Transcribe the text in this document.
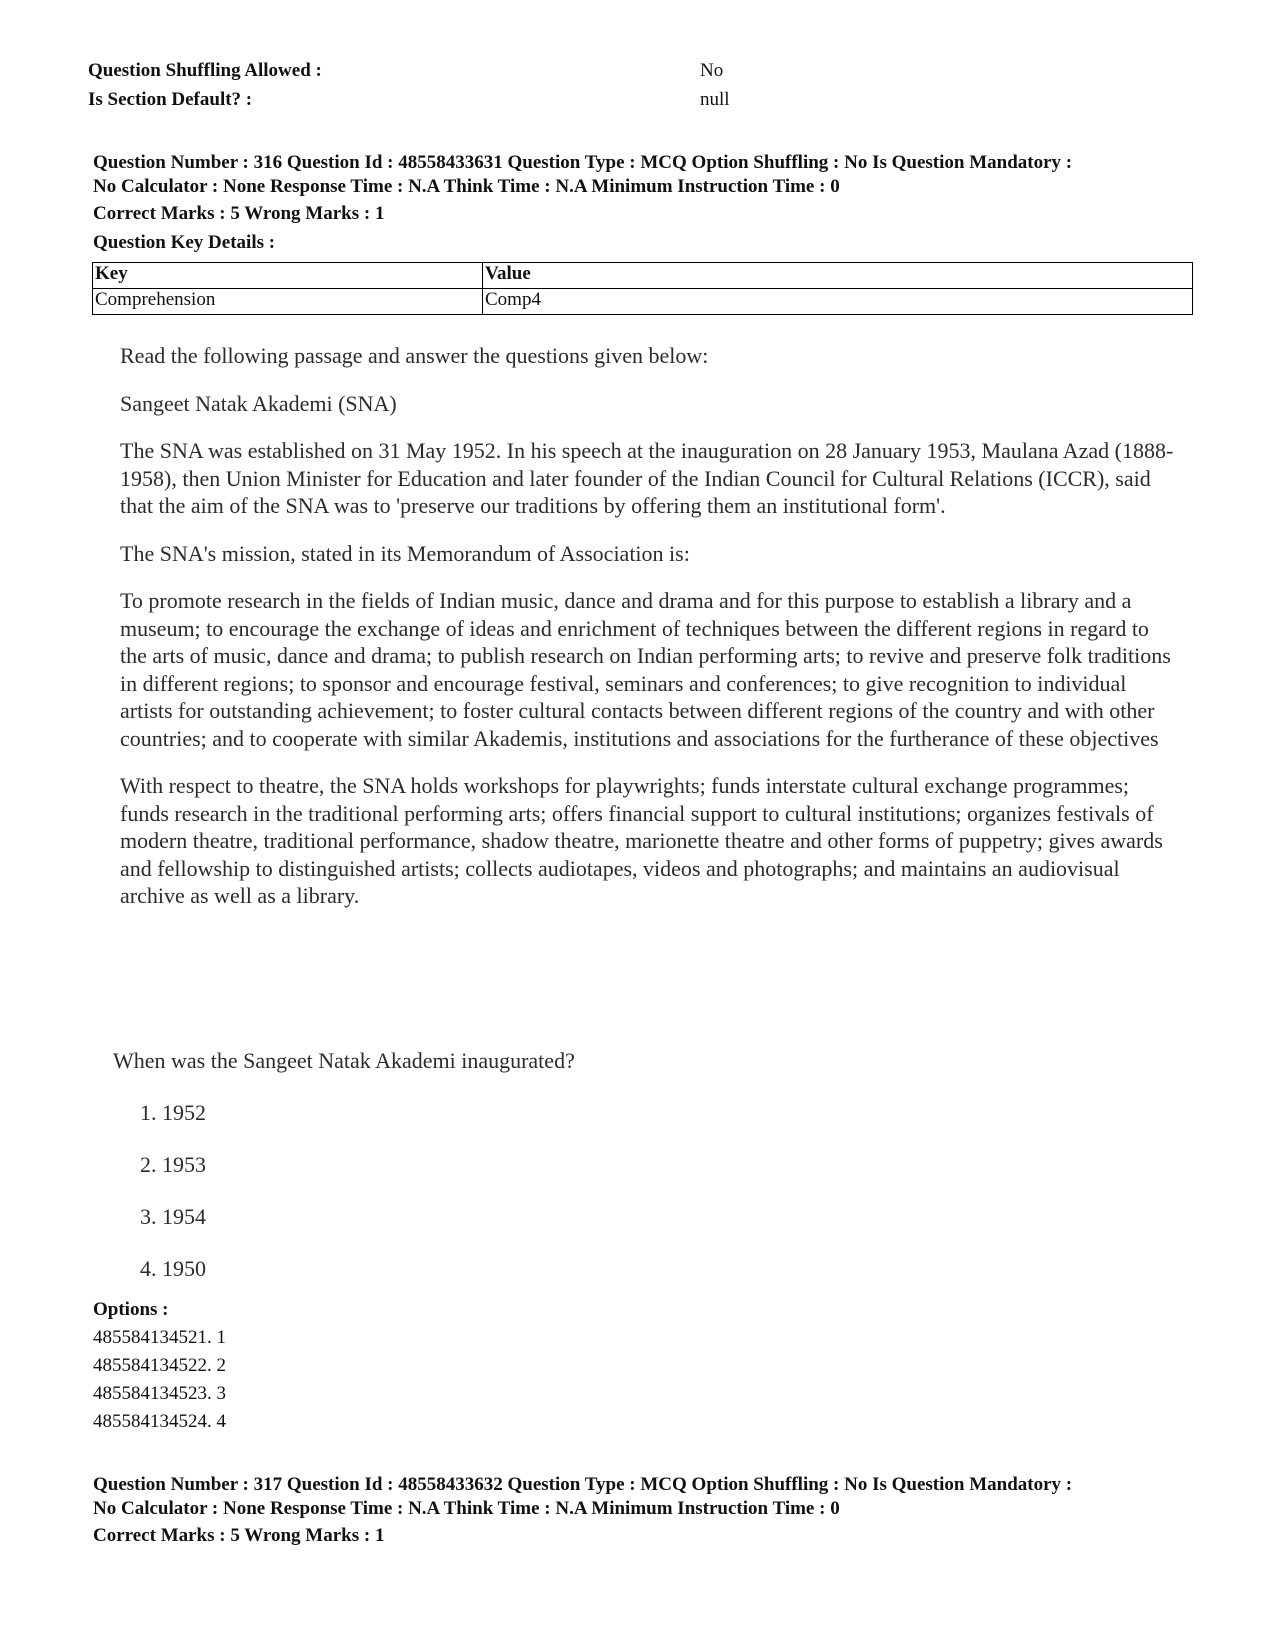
Question Shuffling Allowed :	No
Is Section Default? :	null
Question Number : 316 Question Id : 48558433631 Question Type : MCQ Option Shuffling : No Is Question Mandatory :
No Calculator : None Response Time : N.A Think Time : N.A Minimum Instruction Time : 0
Correct Marks : 5 Wrong Marks : 1
Question Key Details :
Key	Value
Comprehension	Comp4

Read the following passage and answer the questions given below:

Sangeet Natak Akademi (SNA)

The SNA was established on 31 May 1952. In his speech at the inauguration on 28 January 1953, Maulana Azad (1888-1958), then Union Minister for Education and later founder of the Indian Council for Cultural Relations (ICCR), said that the aim of the SNA was to 'preserve our traditions by offering them an institutional form'.

The SNA's mission, stated in its Memorandum of Association is:

To promote research in the fields of Indian music, dance and drama and for this purpose to establish a library and a museum; to encourage the exchange of ideas and enrichment of techniques between the different regions in regard to the arts of music, dance and drama; to publish research on Indian performing arts; to revive and preserve folk traditions in different regions; to sponsor and encourage festival, seminars and conferences; to give recognition to individual artists for outstanding achievement; to foster cultural contacts between different regions of the country and with other countries; and to cooperate with similar Akademis, institutions and associations for the furtherance of these objectives

With respect to theatre, the SNA holds workshops for playwrights; funds interstate cultural exchange programmes; funds research in the traditional performing arts; offers financial support to cultural institutions; organizes festivals of modern theatre, traditional performance, shadow theatre, marionette theatre and other forms of puppetry; gives awards and fellowship to distinguished artists; collects audiotapes, videos and photographs; and maintains an audiovisual archive as well as a library.

When was the Sangeet Natak Akademi inaugurated?
1. 1952
2. 1953
3. 1954
4. 1950
Options :
485584134521. 1
485584134522. 2
485584134523. 3
485584134524. 4
Question Number : 317 Question Id : 48558433632 Question Type : MCQ Option Shuffling : No Is Question Mandatory :
No Calculator : None Response Time : N.A Think Time : N.A Minimum Instruction Time : 0
Correct Marks : 5 Wrong Marks : 1
